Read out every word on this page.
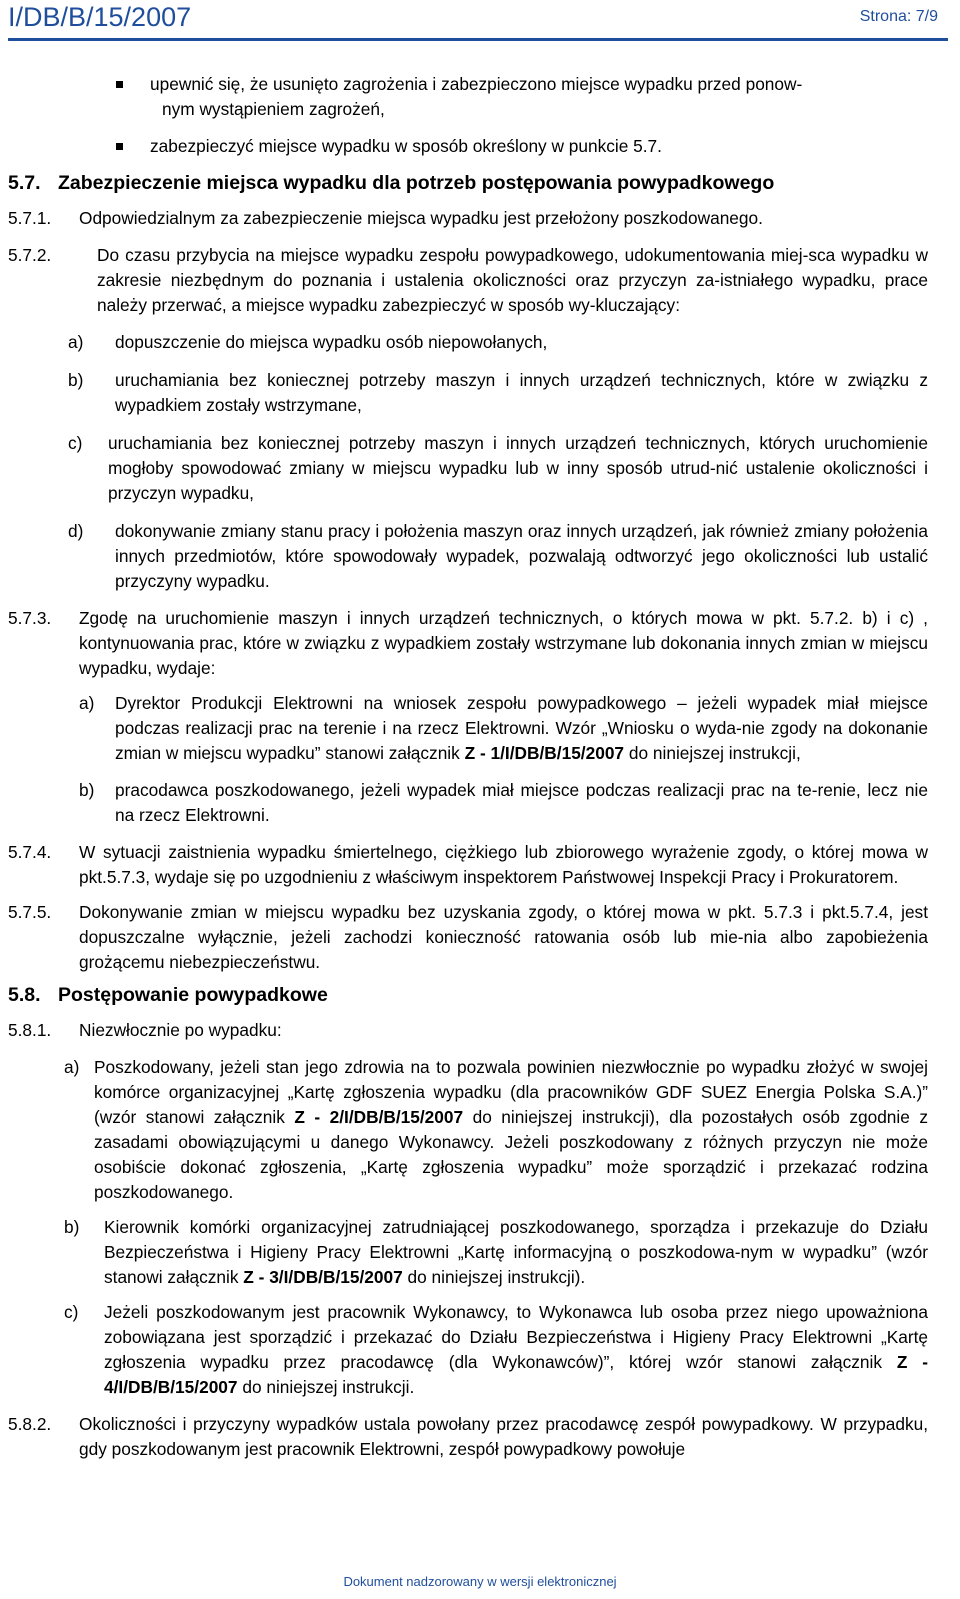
I/DB/B/15/2007	Strona: 7/9

upewnić się, że usunięto zagrożenia i zabezpieczono miejsce wypadku przed ponow-

nym wystąpieniem zagrożeń,

zabezpieczyć miejsce wypadku w sposób określony w punkcie 5.7.

5.7. Zabezpieczenie miejsca wypadku dla potrzeb postępowania powypadkowego
5.7.1.	Odpowiedzialnym za zabezpieczenie miejsca wypadku jest przełożony poszkodowanego.
5.7.2.	Do czasu przybycia na miejsce wypadku zespołu powypadkowego, udokumentowania miej-sca wypadku w zakresie niezbędnym do poznania i ustalenia okoliczności oraz przyczyn za-istniałego wypadku, prace należy przerwać, a miejsce wypadku zabezpieczyć w sposób wy-kluczający:
a)	dopuszczenie do miejsca wypadku osób niepowołanych,
b)	uruchamiania bez koniecznej potrzeby maszyn i innych urządzeń technicznych, które w związku z wypadkiem zostały wstrzymane,
c)	uruchamiania bez koniecznej potrzeby maszyn i innych urządzeń technicznych, których uruchomienie mogłoby spowodować zmiany w miejscu wypadku lub w inny sposób utrud-nić ustalenie okoliczności i przyczyn wypadku,
d)	dokonywanie zmiany stanu pracy i położenia maszyn oraz innych urządzeń, jak również zmiany położenia innych przedmiotów, które spowodowały wypadek, pozwalają odtworzyć jego okoliczności lub ustalić przyczyny wypadku.
5.7.3.	Zgodę na uruchomienie maszyn i innych urządzeń technicznych, o których mowa w pkt. 5.7.2. b) i c) , kontynuowania prac, które w związku z wypadkiem zostały wstrzymane lub dokonania innych zmian w miejscu wypadku, wydaje:
a)	Dyrektor Produkcji Elektrowni na wniosek zespołu powypadkowego – jeżeli wypadek miał miejsce podczas realizacji prac na terenie i na rzecz Elektrowni. Wzór „Wniosku o wyda-nie zgody na dokonanie zmian w miejscu wypadku” stanowi załącznik Z - 1/I/DB/B/15/2007 do niniejszej instrukcji,
b)	pracodawca poszkodowanego, jeżeli wypadek miał miejsce podczas realizacji prac na te-renie, lecz nie na rzecz Elektrowni.
5.7.4.	W sytuacji zaistnienia wypadku śmiertelnego, ciężkiego lub zbiorowego wyrażenie zgody, o której mowa w pkt.5.7.3, wydaje się po uzgodnieniu z właściwym inspektorem Państwowej Inspekcji Pracy i Prokuratorem.
5.7.5.	Dokonywanie zmian w miejscu wypadku bez uzyskania zgody, o której mowa w pkt. 5.7.3 i pkt.5.7.4, jest dopuszczalne wyłącznie, jeżeli zachodzi konieczność ratowania osób lub mie-nia albo zapobieżenia grożącemu niebezpieczeństwu.
5.8. Postępowanie powypadkowe
5.8.1.	Niezwłocznie po wypadku:
a) Poszkodowany, jeżeli stan jego zdrowia na to pozwala powinien niezwłocznie po wypadku złożyć w swojej komórce organizacyjnej „Kartę zgłoszenia wypadku (dla pracowników GDF SUEZ Energia Polska S.A.)” (wzór stanowi załącznik Z - 2/I/DB/B/15/2007 do niniejszej instrukcji), dla pozostałych osób zgodnie z zasadami obowiązującymi u danego Wykonawcy. Jeżeli poszkodowany z różnych przyczyn nie może osobiście dokonać zgłoszenia, „Kartę zgłoszenia wypadku” może sporządzić i przekazać rodzina poszkodowanego.
b)	Kierownik komórki organizacyjnej zatrudniającej poszkodowanego, sporządza i przekazuje do Działu Bezpieczeństwa i Higieny Pracy Elektrowni „Kartę informacyjną o poszkodowa-nym w wypadku” (wzór stanowi załącznik Z - 3/I/DB/B/15/2007 do niniejszej instrukcji).
c)	Jeżeli poszkodowanym jest pracownik Wykonawcy, to Wykonawca lub osoba przez niego upoważniona zobowiązana jest sporządzić i przekazać do Działu Bezpieczeństwa i Higieny Pracy Elektrowni „Kartę zgłoszenia wypadku przez pracodawcę (dla Wykonawców)”, której wzór stanowi załącznik Z - 4/I/DB/B/15/2007 do niniejszej instrukcji.
5.8.2.	Okoliczności i przyczyny wypadków ustala powołany przez pracodawcę zespół powypadkowy. W przypadku, gdy poszkodowanym jest pracownik Elektrowni, zespół powypadkowy powołuje
Dokument nadzorowany w wersji elektronicznej
